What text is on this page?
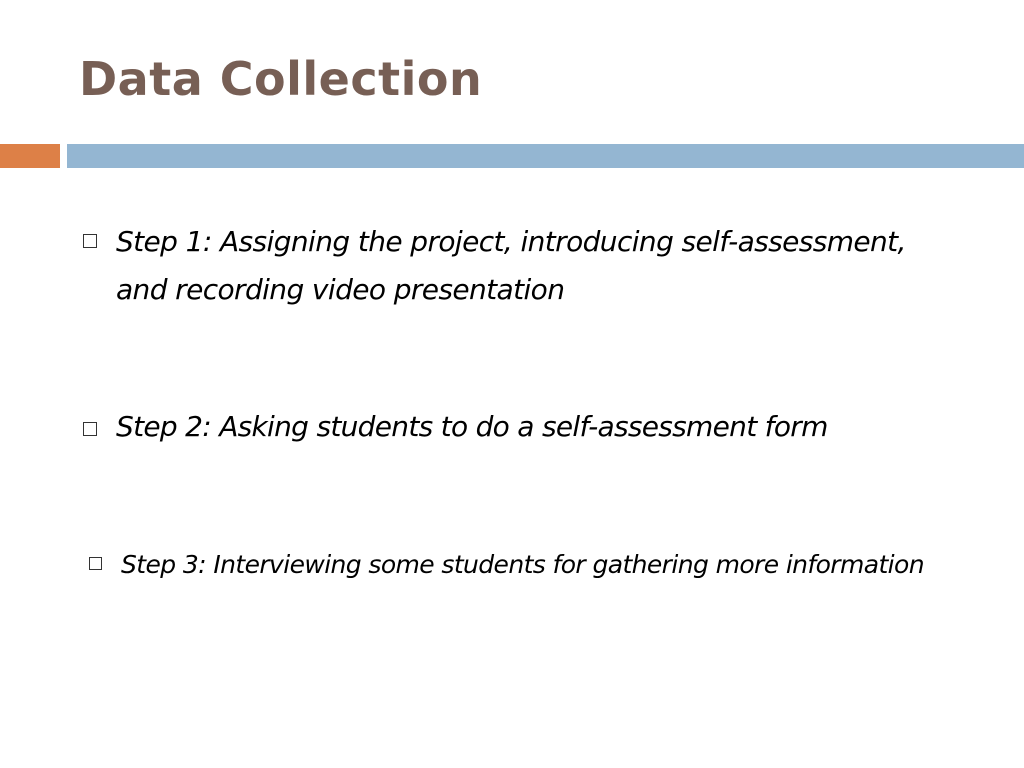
Data Collection

Step 1: Assigning the project, introducing self-assessment, and recording video presentation

Step 2: Asking students to do a self-assessment form

Step 3: Interviewing some students for gathering more information
